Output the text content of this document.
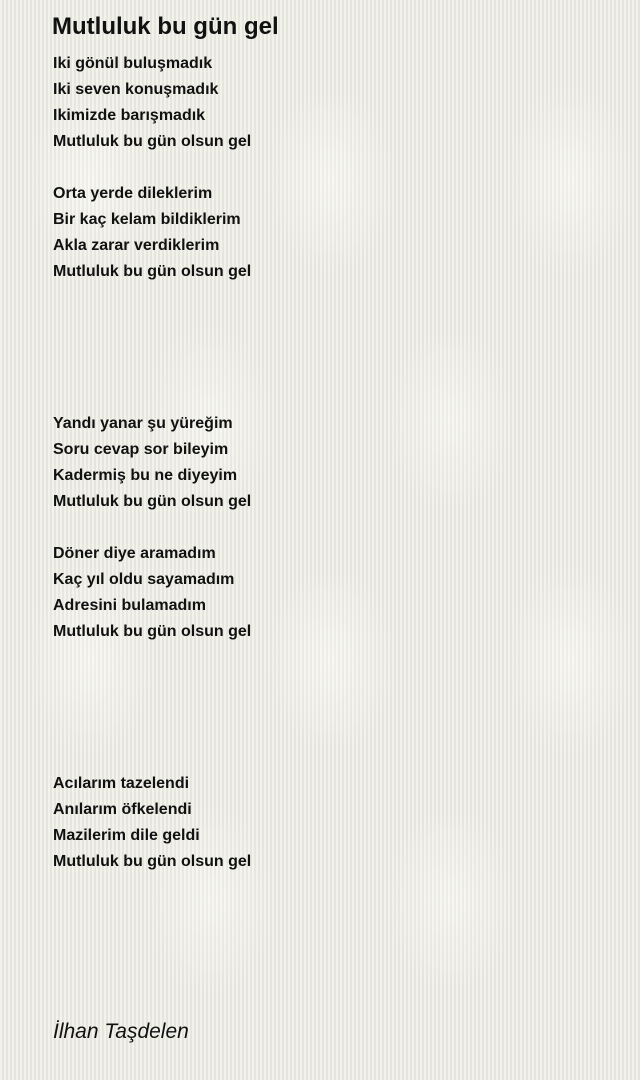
Mutluluk bu gün gel
Iki gönül buluşmadık
Iki seven konuşmadık
Ikimizde barışmadık
Mutluluk bu gün olsun gel
Orta yerde dileklerim
Bir kaç kelam bildiklerim
Akla zarar verdiklerim
Mutluluk bu gün olsun gel
Yandı yanar şu yüreğim
Soru cevap sor bileyim
Kadermiş bu ne diyeyim
Mutluluk bu gün olsun gel
Döner diye aramadım
Kaç yıl oldu sayamadım
Adresini bulamadım
Mutluluk bu gün olsun gel
Acılarım tazelendi
Anılarım öfkelendi
Mazilerim dile geldi
Mutluluk bu gün olsun gel
İlhan Taşdelen
